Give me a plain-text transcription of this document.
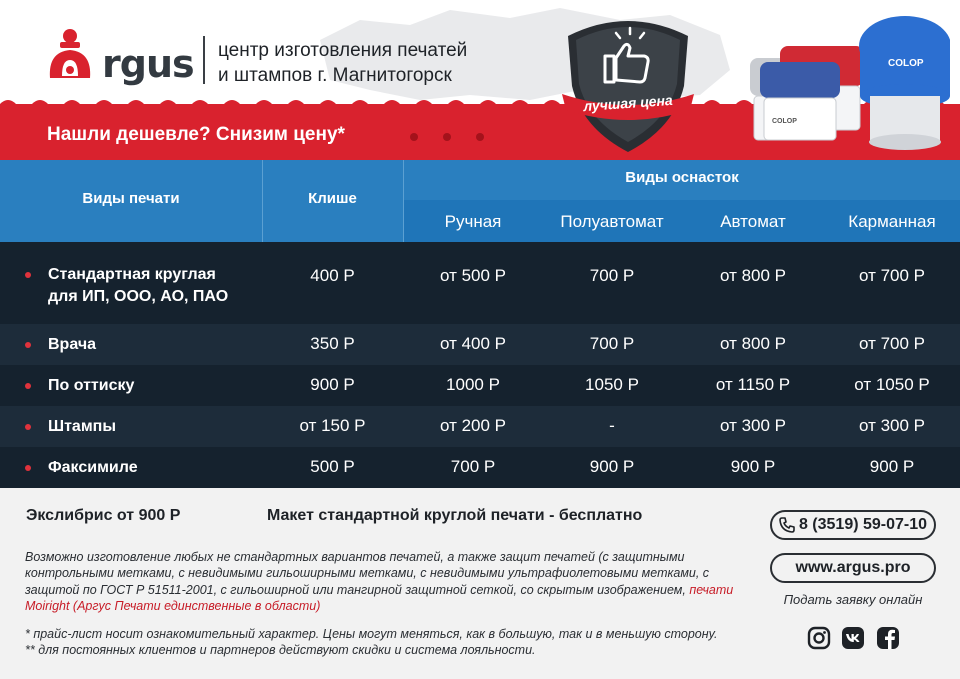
rgus центр изготовления печатей
и штампов г. Магнитогорск
Нашли дешевле? Снизим цену*
лучшая цена
COLOP
COLOP
Виды печати	Клише
Виды оснасток
Ручная	Полуавтомат	Автомат	Карманная
Стандартная круглая
для ИП, ООО, АО, ПАО
400 Р	от 500 Р	700 Р	от 800 Р	от 700 Р
Врача	350 Р	от 400 Р	700 Р	от 800 Р	от 700 Р
По оттиску	900 Р	1000 Р	1050 Р	от 1150 Р	от 1050 Р
Штампы	от 150 Р	от 200 Р	-	от 300 Р	от 300 Р
Факсимиле	500 Р	700 Р	900 Р	900 Р	900 Р
Экслибрис от 900 Р	Макет стандартной круглой печати - бесплатно
Возможно изготовление любых не стандартных вариантов печатей, а также защит печатей (с защитными контрольными метками, с невидимыми гильоширными метками, с невидимыми ультрафиолетовыми метками, с защитой по ГОСТ Р 51511-2001, с гильоширной или тангирной защитной сеткой, со скрытым изображением, печати Moiright (Аргус Печати единственные в области)
* прайс-лист носит ознакомительный характер. Цены могут меняться, как в большую, так и в меньшую сторону.
** для постоянных клиентов и партнеров действуют скидки и система лояльности.
8 (3519) 59-07-10
www.argus.pro
Подать заявку онлайн
